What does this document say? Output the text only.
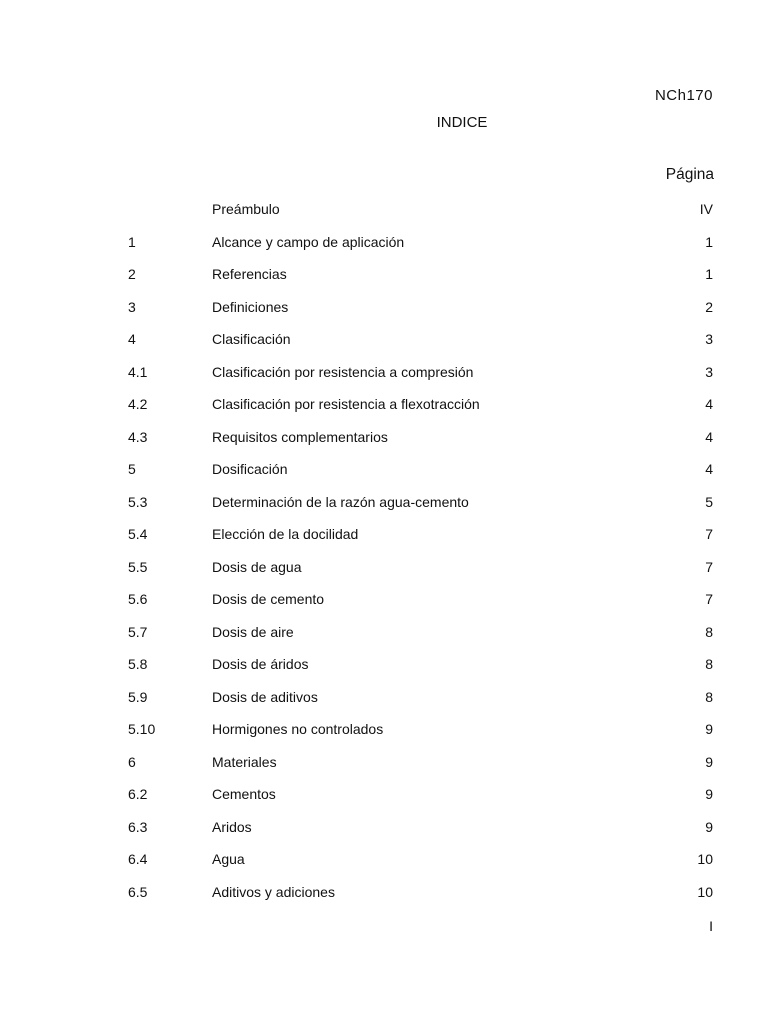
NCh170

INDICE

Página

Preámbulo	IV
1	Alcance y campo de aplicación	1
2	Referencias	1
3	Definiciones	2
4	Clasificación	3
4.1	Clasificación por resistencia a compresión	3
4.2	Clasificación por resistencia a flexotracción	4
4.3	Requisitos complementarios	4
5	Dosificación	4
5.3	Determinación de la razón agua-cemento	5
5.4	Elección de la docilidad	7
5.5	Dosis de agua	7
5.6	Dosis de cemento	7
5.7	Dosis de aire	8
5.8	Dosis de áridos	8
5.9	Dosis de aditivos	8
5.10	Hormigones no controlados	9
6	Materiales	9
6.2	Cementos	9
6.3	Aridos	9
6.4	Agua	10
6.5	Aditivos y adiciones	10
I
